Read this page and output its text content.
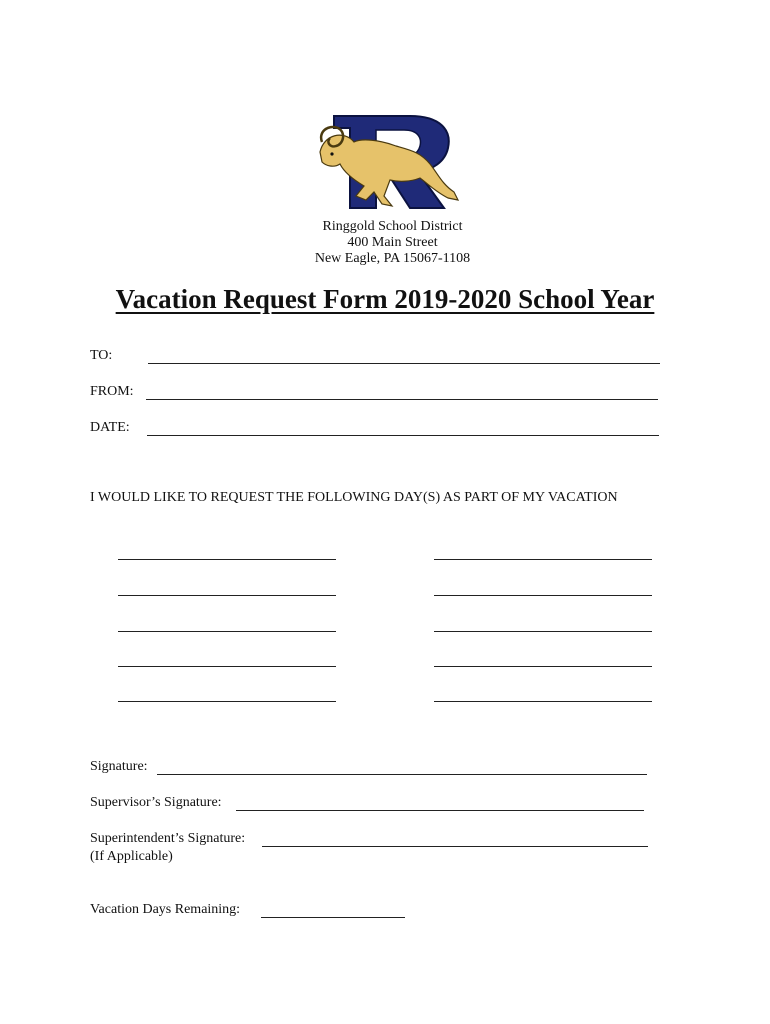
Ringgold School District
400 Main Street
New Eagle, PA 15067-1108
Vacation Request Form 2019-2020 School Year
TO:
FROM:
DATE:
I WOULD LIKE TO REQUEST THE FOLLOWING DAY(S) AS PART OF MY VACATION
Signature:
Supervisor’s Signature:
Superintendent’s Signature:
(If Applicable)
Vacation Days Remaining:
